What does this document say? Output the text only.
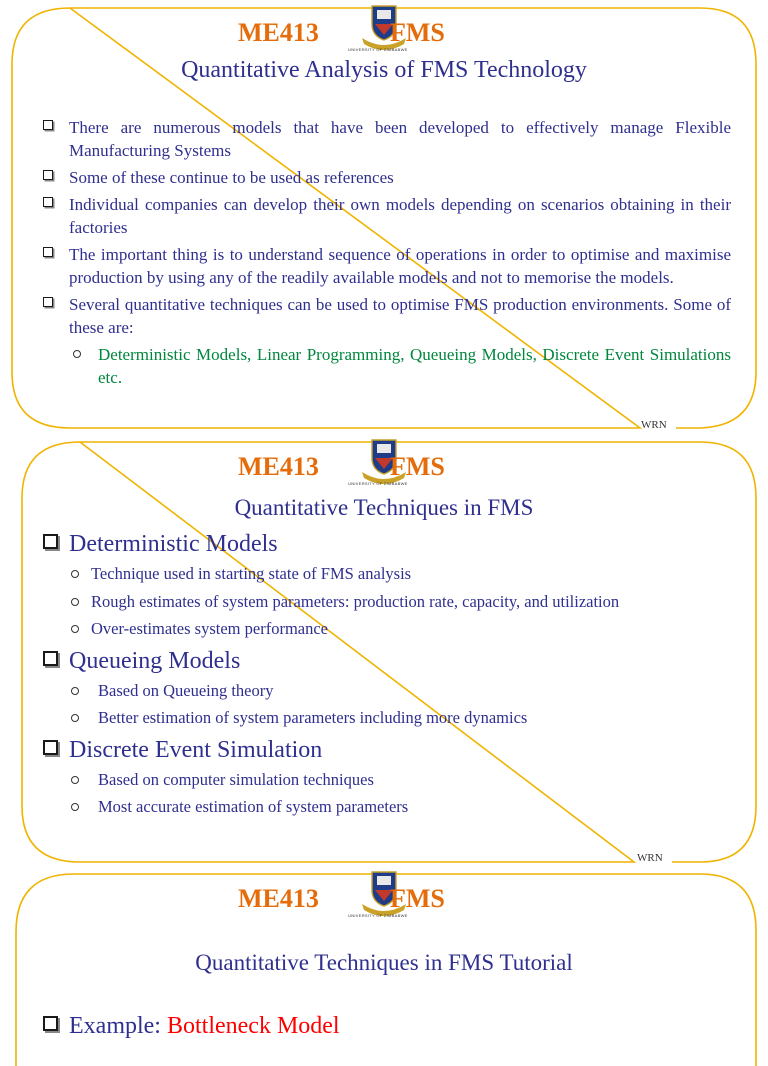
ME413
UNIVERSITY OF ZIMBABWE
FMS
Quantitative Analysis of FMS Technology
There are numerous models that have been developed to effectively manage Flexible Manufacturing Systems
Some of these continue to be used as references
Individual companies can develop their own models depending on scenarios obtaining in their factories
The important thing is to understand sequence of operations in order to optimise and maximise production by using any of the readily available models and not to memorise the models.
Several quantitative techniques can be used to optimise FMS production environments. Some of these are:
Deterministic Models, Linear Programming, Queueing Models, Discrete Event Simulations etc.
WRN
ME413
UNIVERSITY OF ZIMBABWE
FMS
Quantitative Techniques in FMS
Deterministic Models
Technique used in starting state of FMS analysis
Rough estimates of system parameters: production rate, capacity, and utilization
Over-estimates system performance
Queueing Models
Based on Queueing theory
Better estimation of system parameters including more dynamics
Discrete Event Simulation
Based on computer simulation techniques
Most accurate estimation of system parameters
WRN
ME413
UNIVERSITY OF ZIMBABWE
FMS
Quantitative Techniques in FMS Tutorial
Example: Bottleneck Model
